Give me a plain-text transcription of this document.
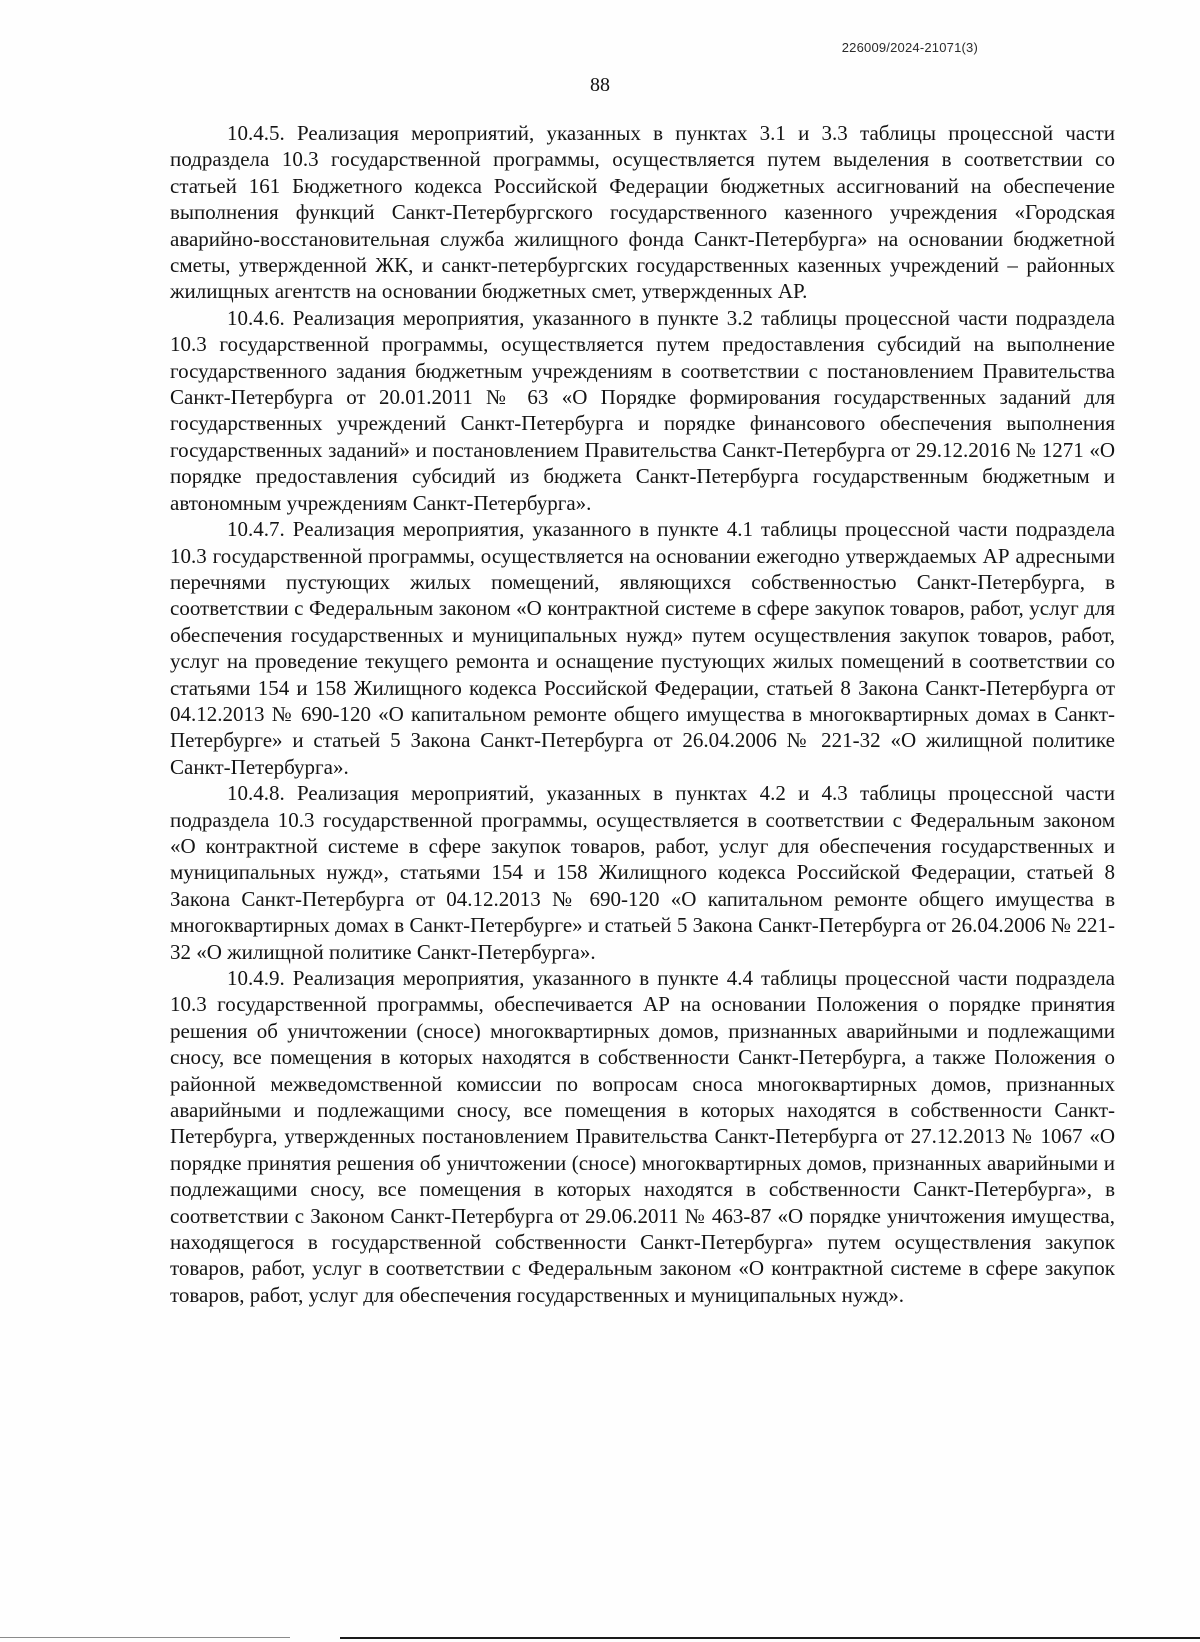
226009/2024-21071(3)
88

10.4.5. Реализация мероприятий, указанных в пунктах 3.1 и 3.3 таблицы процессной части подраздела 10.3 государственной программы, осуществляется путем выделения в соответствии со статьей 161 Бюджетного кодекса Российской Федерации бюджетных ассигнований на обеспечение выполнения функций Санкт-Петербургского государственного казенного учреждения «Городская аварийно-восстановительная служба жилищного фонда Санкт-Петербурга» на основании бюджетной сметы, утвержденной ЖК, и санкт-петербургских государственных казенных учреждений – районных жилищных агентств на основании бюджетных смет, утвержденных АР.

10.4.6. Реализация мероприятия, указанного в пункте 3.2 таблицы процессной части подраздела 10.3 государственной программы, осуществляется путем предоставления субсидий на выполнение государственного задания бюджетным учреждениям в соответствии с постановлением Правительства Санкт-Петербурга от 20.01.2011 № 63 «О Порядке формирования государственных заданий для государственных учреждений Санкт-Петербурга и порядке финансового обеспечения выполнения государственных заданий» и постановлением Правительства Санкт-Петербурга от 29.12.2016 № 1271 «О порядке предоставления субсидий из бюджета Санкт-Петербурга государственным бюджетным и автономным учреждениям Санкт-Петербурга».

10.4.7. Реализация мероприятия, указанного в пункте 4.1 таблицы процессной части подраздела 10.3 государственной программы, осуществляется на основании ежегодно утверждаемых АР адресными перечнями пустующих жилых помещений, являющихся собственностью Санкт-Петербурга, в соответствии с Федеральным законом «О контрактной системе в сфере закупок товаров, работ, услуг для обеспечения государственных и муниципальных нужд» путем осуществления закупок товаров, работ, услуг на проведение текущего ремонта и оснащение пустующих жилых помещений в соответствии со статьями 154 и 158 Жилищного кодекса Российской Федерации, статьей 8 Закона Санкт-Петербурга от 04.12.2013 № 690-120 «О капитальном ремонте общего имущества в многоквартирных домах в Санкт-Петербурге» и статьей 5 Закона Санкт-Петербурга от 26.04.2006 № 221-32 «О жилищной политике Санкт-Петербурга».

10.4.8. Реализация мероприятий, указанных в пунктах 4.2 и 4.3 таблицы процессной части подраздела 10.3 государственной программы, осуществляется в соответствии с Федеральным законом «О контрактной системе в сфере закупок товаров, работ, услуг для обеспечения государственных и муниципальных нужд», статьями 154 и 158 Жилищного кодекса Российской Федерации, статьей 8 Закона Санкт-Петербурга от 04.12.2013 № 690-120 «О капитальном ремонте общего имущества в многоквартирных домах в Санкт-Петербурге» и статьей 5 Закона Санкт-Петербурга от 26.04.2006 № 221-32 «О жилищной политике Санкт-Петербурга».

10.4.9. Реализация мероприятия, указанного в пункте 4.4 таблицы процессной части подраздела 10.3 государственной программы, обеспечивается АР на основании Положения о порядке принятия решения об уничтожении (сносе) многоквартирных домов, признанных аварийными и подлежащими сносу, все помещения в которых находятся в собственности Санкт-Петербурга, а также Положения о районной межведомственной комиссии по вопросам сноса многоквартирных домов, признанных аварийными и подлежащими сносу, все помещения в которых находятся в собственности Санкт-Петербурга, утвержденных постановлением Правительства Санкт-Петербурга от 27.12.2013 № 1067 «О порядке принятия решения об уничтожении (сносе) многоквартирных домов, признанных аварийными и подлежащими сносу, все помещения в которых находятся в собственности Санкт-Петербурга», в соответствии с Законом Санкт-Петербурга от 29.06.2011 № 463-87 «О порядке уничтожения имущества, находящегося в государственной собственности Санкт-Петербурга» путем осуществления закупок товаров, работ, услуг в соответствии с Федеральным законом «О контрактной системе в сфере закупок товаров, работ, услуг для обеспечения государственных и муниципальных нужд».
